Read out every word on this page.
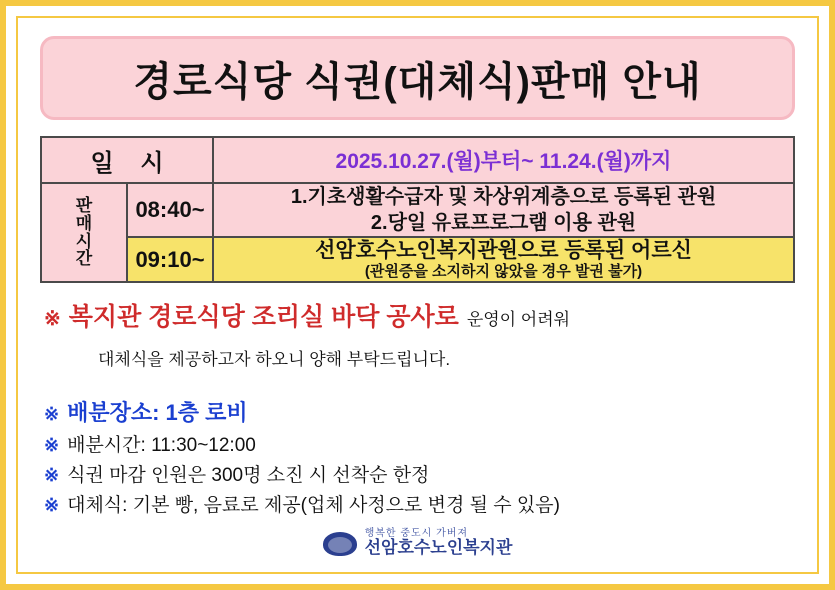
경로식당 식권(대체식)판매 안내
일 시		2025.10.27.(월)부터~ 11.24.(월)까지

판
매
시
간
	08:40~	1.기초생활수급자 및 차상위계층으로 등록된 관원
2.당일 유료프로그램 이용 관원

	09:10~	선암호수노인복지관원으로 등록된 어르신
(관원증을 소지하지 않았을 경우 발권 불가)
※ 복지관 경로식당 조리실 바닥 공사로 운영이 어려워
대체식을 제공하고자 하오니 양해 부탁드립니다.
※ 배분장소: 1층 로비
※ 배분시간: 11:30~12:00
※ 식권 마감 인원은 300명 소진 시 선착순 한정
※ 대체식: 기본 빵, 음료로 제공(업체 사정으로 변경 될 수 있음)
행복한 중도시 가버져
선암호수노인복지관
